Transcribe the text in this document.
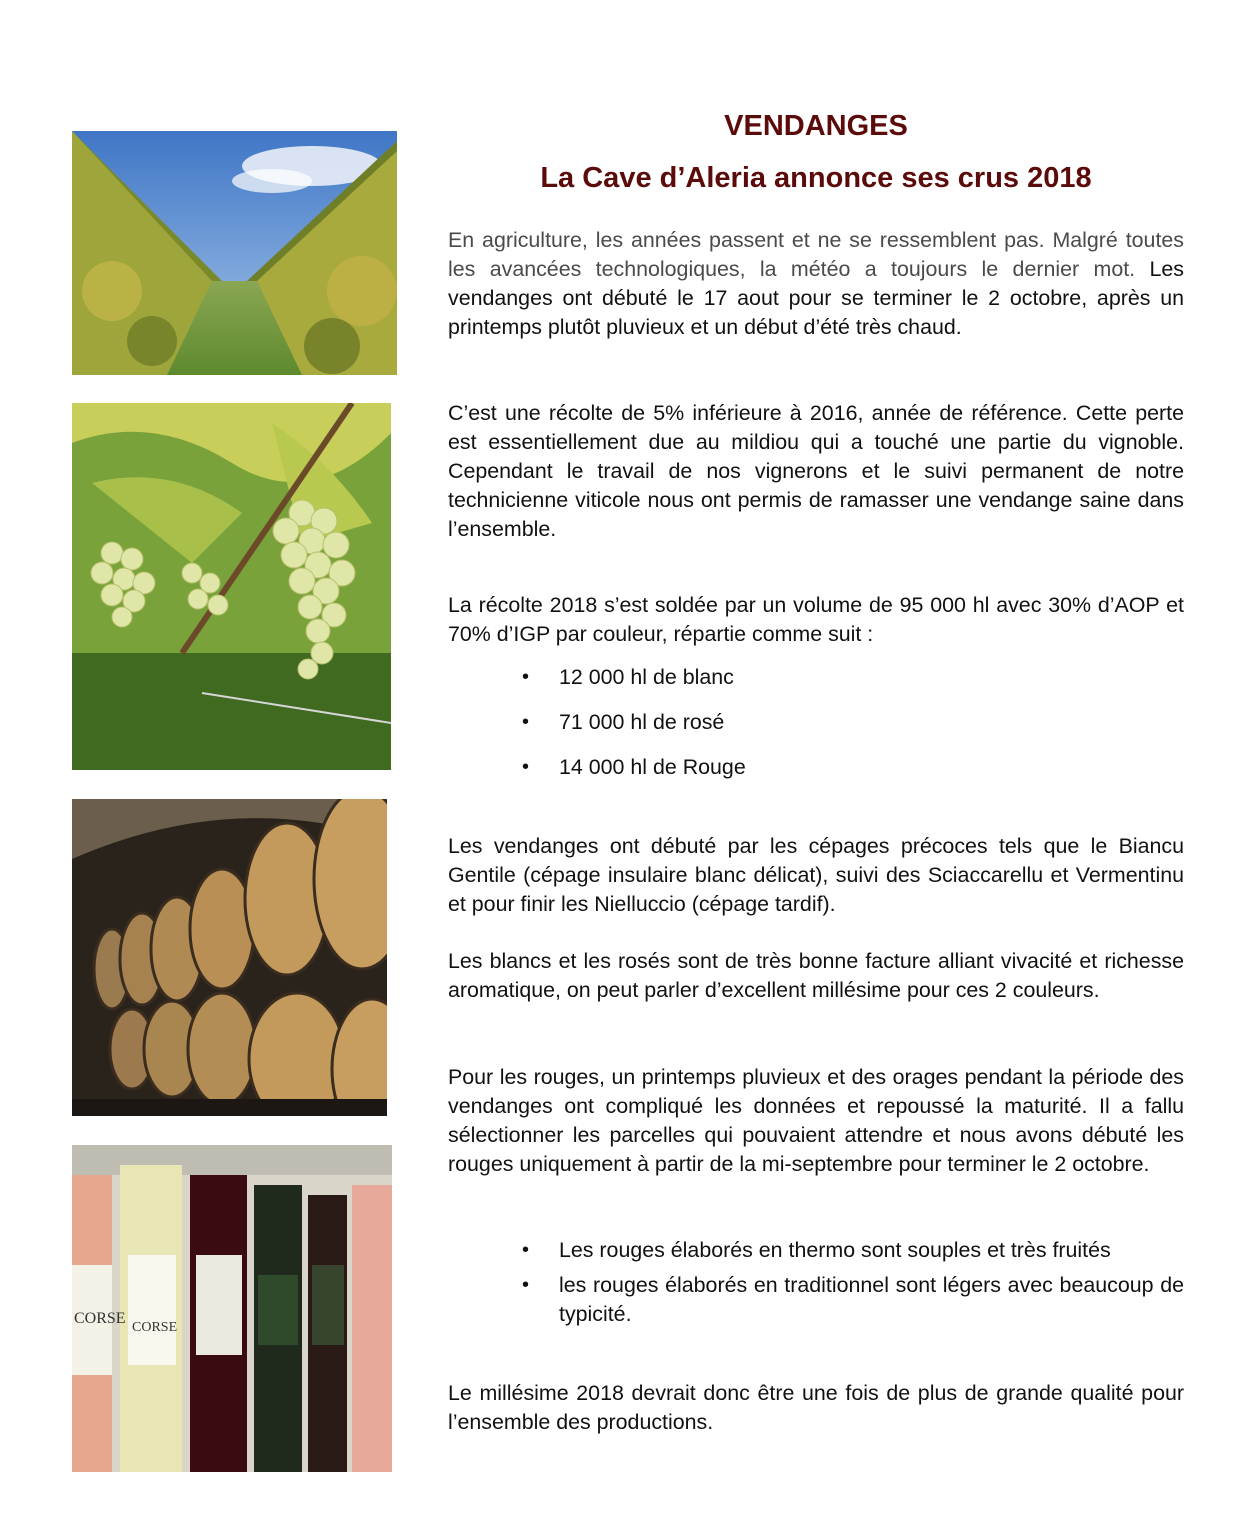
CORSE
CORSE
VENDANGES
La Cave d’Aleria annonce ses crus 2018

En agriculture, les années passent et ne se ressemblent pas. Malgré toutes les avancées technologiques, la météo a toujours le dernier mot. Les vendanges ont débuté le 17 aout pour se terminer le 2 octobre, après un printemps plutôt pluvieux et un début d’été très chaud.

C’est une récolte de 5% inférieure à 2016, année de référence. Cette perte est essentiellement due au mildiou qui a touché une partie du vignoble. Cependant le travail de nos vignerons et le suivi permanent de notre technicienne viticole nous ont permis de ramasser une vendange saine dans l’ensemble.

La récolte 2018 s’est soldée par un volume de 95 000 hl avec 30% d’AOP et 70% d’IGP par couleur, répartie comme suit :

• 12 000 hl de blanc
• 71 000 hl de rosé
• 14 000 hl de Rouge

Les vendanges ont débuté par les cépages précoces tels que le Biancu Gentile (cépage insulaire blanc délicat), suivi des Sciaccarellu et Vermentinu et pour finir les Nielluccio (cépage tardif).

Les blancs et les rosés sont de très bonne facture alliant vivacité et richesse aromatique, on peut parler d’excellent millésime pour ces 2 couleurs.

Pour les rouges, un printemps pluvieux et des orages pendant la période des vendanges ont compliqué les données et repoussé la maturité. Il a fallu sélectionner les parcelles qui pouvaient attendre et nous avons débuté les rouges uniquement à partir de la mi-septembre pour terminer le 2 octobre.

• Les rouges élaborés en thermo sont souples et très fruités
• les rouges élaborés en traditionnel sont légers avec beaucoup de typicité.

Le millésime 2018 devrait donc être une fois de plus de grande qualité pour l’ensemble des productions.
